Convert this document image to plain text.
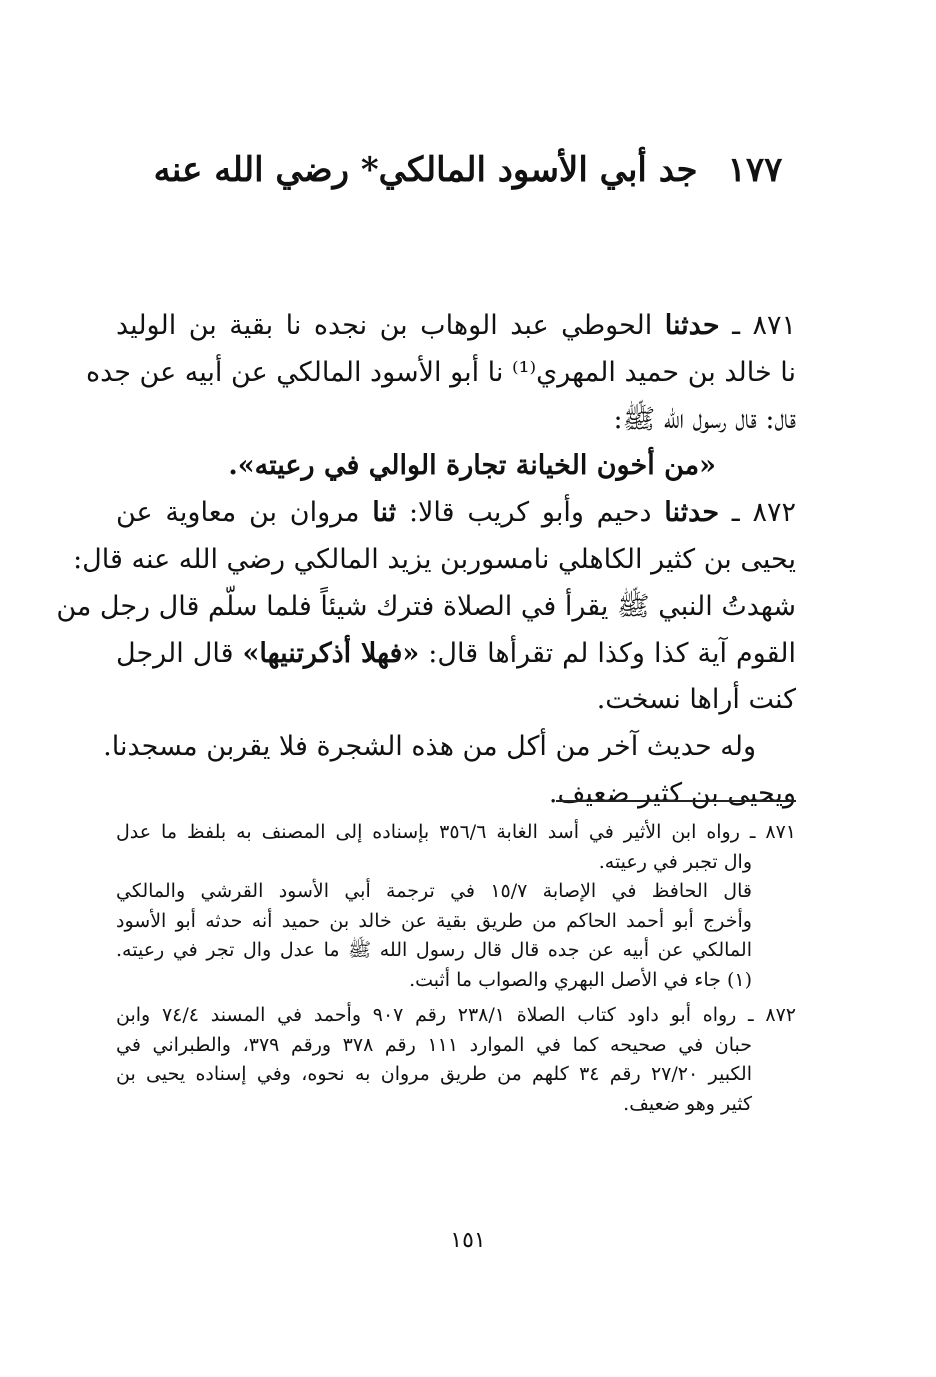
١٧٧جد أبي الأسود المالكي* رضي الله عنه
٨٧١ ـ حدثنا الحوطي عبد الوهاب بن نجده نا بقية بن الوليد
نا خالد بن حميد المهري⁽¹⁾ نا أبو الأسود المالكي عن أبيه عن جده
قال: قال رسول الله ﷺ:
«من أخون الخيانة تجارة الوالي في رعيته».
٨٧٢ ـ حدثنا دحيم وأبو كريب قالا: ثنا مروان بن معاوية عن
يحيى بن كثير الكاهلي نامسوربن يزيد المالكي رضي الله عنه قال:
شهدتُ النبي ﷺ يقرأ في الصلاة فترك شيئاً فلما سلّم قال رجل من
القوم آية كذا وكذا لم تقرأها قال: «فهلا أذكرتنيها» قال الرجل
كنت أراها نسخت.
وله حديث آخر من أكل من هذه الشجرة فلا يقربن مسجدنا.
ويحيى بن كثير ضعيف.
٨٧١ ـ رواه ابن الأثير في أسد الغابة ٣٥٦/٦ بإسناده إلى المصنف به بلفظ ما عدل
وال تجبر في رعيته.
قال الحافظ في الإصابة ١٥/٧ في ترجمة أبي الأسود القرشي والمالكي
وأخرج أبو أحمد الحاكم من طريق بقية عن خالد بن حميد أنه حدثه أبو الأسود
المالكي عن أبيه عن جده قال قال رسول الله ﷺ ما عدل وال تجر في رعيته.
(١) جاء في الأصل البهري والصواب ما أثبت.
٨٧٢ ـ رواه أبو داود كتاب الصلاة ٢٣٨/١ رقم ٩٠٧ وأحمد في المسند ٧٤/٤ وابن
حبان في صحيحه كما في الموارد ١١١ رقم ٣٧٨ ورقم ٣٧٩، والطبراني في
الكبير ٢٧/٢٠ رقم ٣٤ كلهم من طريق مروان به نحوه، وفي إسناده يحيى بن
كثير وهو ضعيف.
١٥١
